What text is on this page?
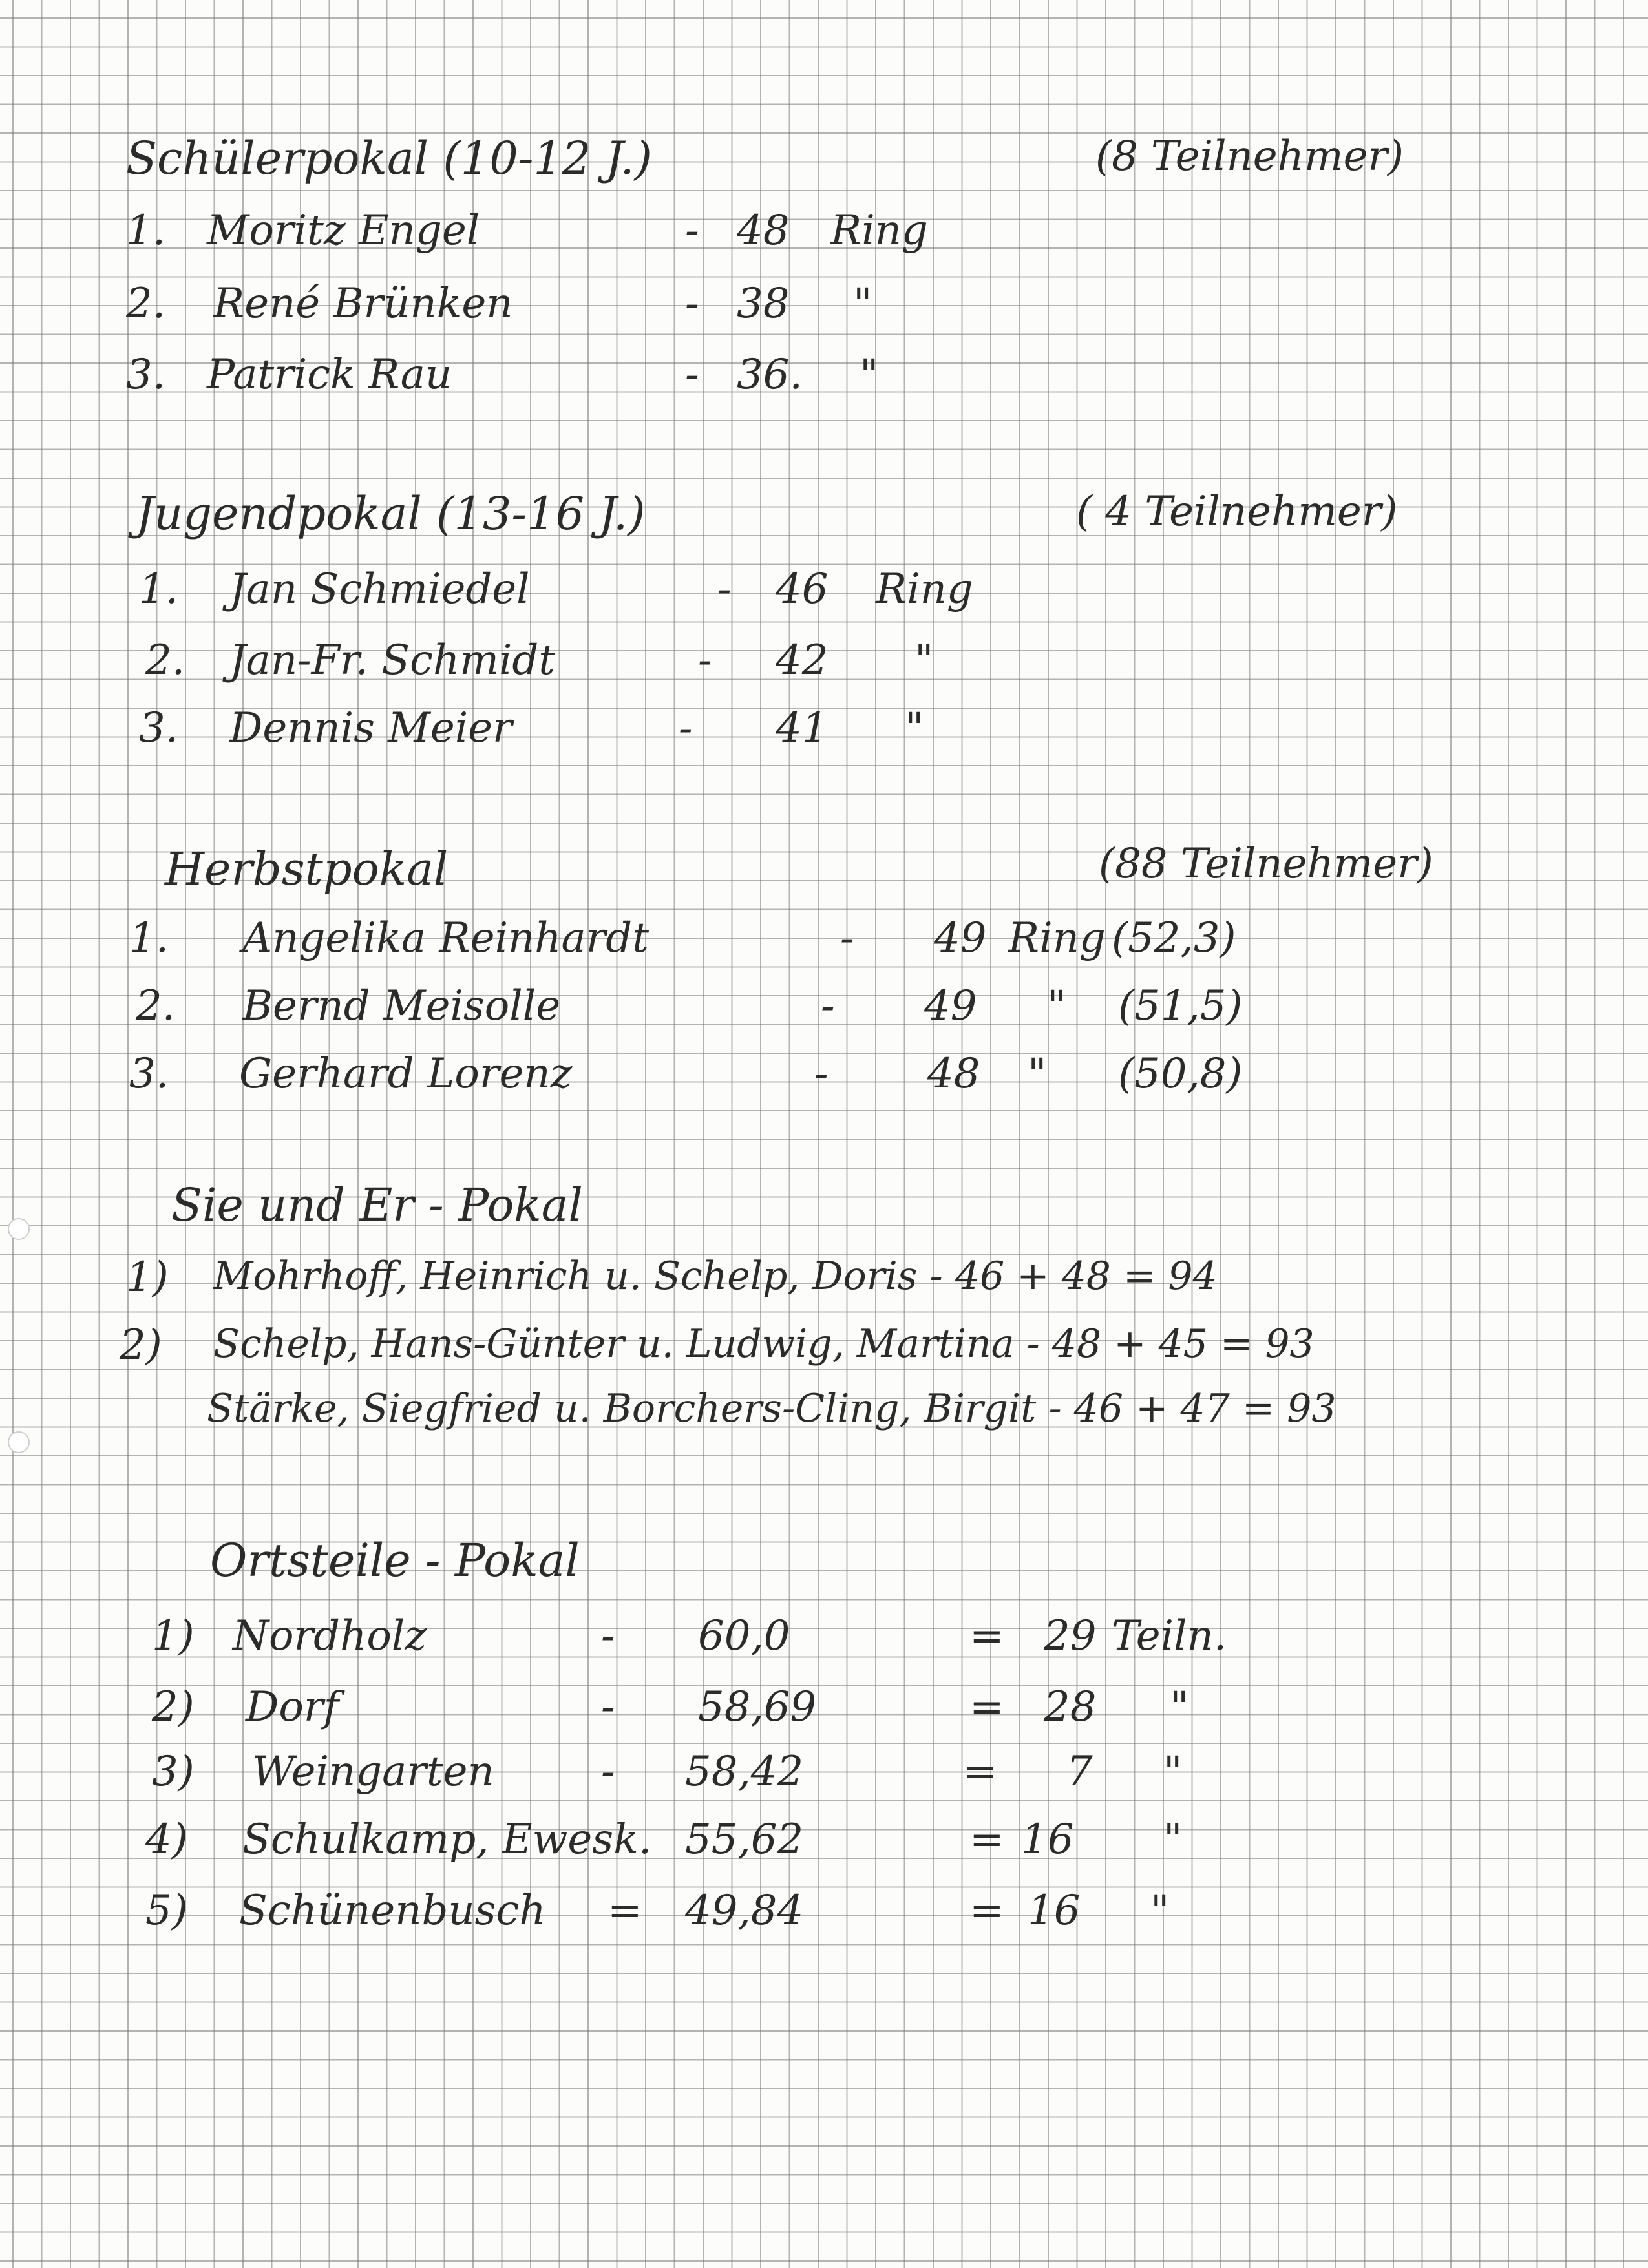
Schülerpokal (10-12 J.)	(8 Teilnehmer)
1. Moritz Engel	- 48 Ring
2. René Brünken	- 38 "
3. Patrick Rau	- 36. "
Jugendpokal (13-16 J.)	( 4 Teilnehmer)
1. Jan Schmiedel	- 46 Ring
2. Jan-Fr. Schmidt	- 42 "
3. Dennis Meier	- 41 "
Herbstpokal	(88 Teilnehmer)
1. Angelika Reinhardt	- 49 Ring (52,3)
2. Bernd Meisolle	- 49 " (51,5)
3. Gerhard Lorenz	- 48 " (50,8)
Sie und Er - Pokal
1) Mohrhoff, Heinrich u. Schelp, Doris - 46 + 48 = 94
2) Schelp, Hans-Günter u. Ludwig, Martina - 48 + 45 = 93
Stärke, Siegfried u. Borchers-Cling, Birgit - 46 + 47 = 93
Ortsteile - Pokal
1) Nordholz	- 60,0	= 29 Teiln.
2) Dorf	- 58,69	= 28 "
3) Weingarten	- 58,42	= 7 "
4) Schulkamp, Ewesk. 55,62	= 16 "
5) Schünenbusch = 49,84	= 16 "
